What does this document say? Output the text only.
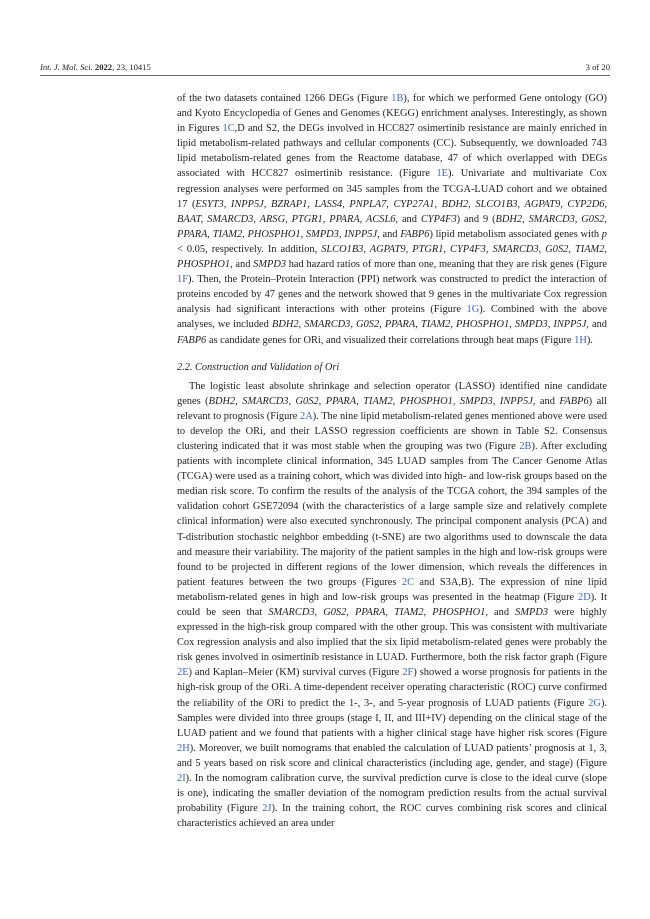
Int. J. Mol. Sci. 2022, 23, 10415	3 of 20

of the two datasets contained 1266 DEGs (Figure 1B), for which we performed Gene ontology (GO) and Kyoto Encyclopedia of Genes and Genomes (KEGG) enrichment analyses. Interestingly, as shown in Figures 1C,D and S2, the DEGs involved in HCC827 osimertinib resistance are mainly enriched in lipid metabolism-related pathways and cellular components (CC). Subsequently, we downloaded 743 lipid metabolism-related genes from the Reactome database, 47 of which overlapped with DEGs associated with HCC827 osimertinib resistance. (Figure 1E). Univariate and multivariate Cox regression analyses were performed on 345 samples from the TCGA-LUAD cohort and we obtained 17 (ESYT3, INPP5J, BZRAP1, LASS4, PNPLA7, CYP27A1, BDH2, SLCO1B3, AGPAT9, CYP2D6, BAAT, SMARCD3, ARSG, PTGR1, PPARA, ACSL6, and CYP4F3) and 9 (BDH2, SMARCD3, G0S2, PPARA, TIAM2, PHOSPHO1, SMPD3, INPP5J, and FABP6) lipid metabolism associated genes with p < 0.05, respectively. In addition, SLCO1B3, AGPAT9, PTGR1, CYP4F3, SMARCD3, G0S2, TIAM2, PHOSPHO1, and SMPD3 had hazard ratios of more than one, meaning that they are risk genes (Figure 1F). Then, the Protein–Protein Interaction (PPI) network was constructed to predict the interaction of proteins encoded by 47 genes and the network showed that 9 genes in the multivariate Cox regression analysis had significant interactions with other proteins (Figure 1G). Combined with the above analyses, we included BDH2, SMARCD3, G0S2, PPARA, TIAM2, PHOSPHO1, SMPD3, INPP5J, and FABP6 as candidate genes for ORi, and visualized their correlations through heat maps (Figure 1H).

2.2. Construction and Validation of Ori

The logistic least absolute shrinkage and selection operator (LASSO) identified nine candidate genes (BDH2, SMARCD3, G0S2, PPARA, TIAM2, PHOSPHO1, SMPD3, INPP5J, and FABP6) all relevant to prognosis (Figure 2A). The nine lipid metabolism-related genes mentioned above were used to develop the ORi, and their LASSO regression coefficients are shown in Table S2. Consensus clustering indicated that it was most stable when the grouping was two (Figure 2B). After excluding patients with incomplete clinical information, 345 LUAD samples from The Cancer Genome Atlas (TCGA) were used as a training cohort, which was divided into high- and low-risk groups based on the median risk score. To confirm the results of the analysis of the TCGA cohort, the 394 samples of the validation cohort GSE72094 (with the characteristics of a large sample size and relatively complete clinical information) were also executed synchronously. The principal component analysis (PCA) and T-distribution stochastic neighbor embedding (t-SNE) are two algorithms used to downscale the data and measure their variability. The majority of the patient samples in the high and low-risk groups were found to be projected in different regions of the lower dimension, which reveals the differences in patient features between the two groups (Figures 2C and S3A,B). The expression of nine lipid metabolism-related genes in high and low-risk groups was presented in the heatmap (Figure 2D). It could be seen that SMARCD3, G0S2, PPARA, TIAM2, PHOSPHO1, and SMPD3 were highly expressed in the high-risk group compared with the other group. This was consistent with multivariate Cox regression analysis and also implied that the six lipid metabolism-related genes were probably the risk genes involved in osimertinib resistance in LUAD. Furthermore, both the risk factor graph (Figure 2E) and Kaplan–Meier (KM) survival curves (Figure 2F) showed a worse prognosis for patients in the high-risk group of the ORi. A time-dependent receiver operating characteristic (ROC) curve confirmed the reliability of the ORi to predict the 1-, 3-, and 5-year prognosis of LUAD patients (Figure 2G). Samples were divided into three groups (stage I, II, and III+IV) depending on the clinical stage of the LUAD patient and we found that patients with a higher clinical stage have higher risk scores (Figure 2H). Moreover, we built nomograms that enabled the calculation of LUAD patients’ prognosis at 1, 3, and 5 years based on risk score and clinical characteristics (including age, gender, and stage) (Figure 2I). In the nomogram calibration curve, the survival prediction curve is close to the ideal curve (slope is one), indicating the smaller deviation of the nomogram prediction results from the actual survival probability (Figure 2J). In the training cohort, the ROC curves combining risk scores and clinical characteristics achieved an area under
